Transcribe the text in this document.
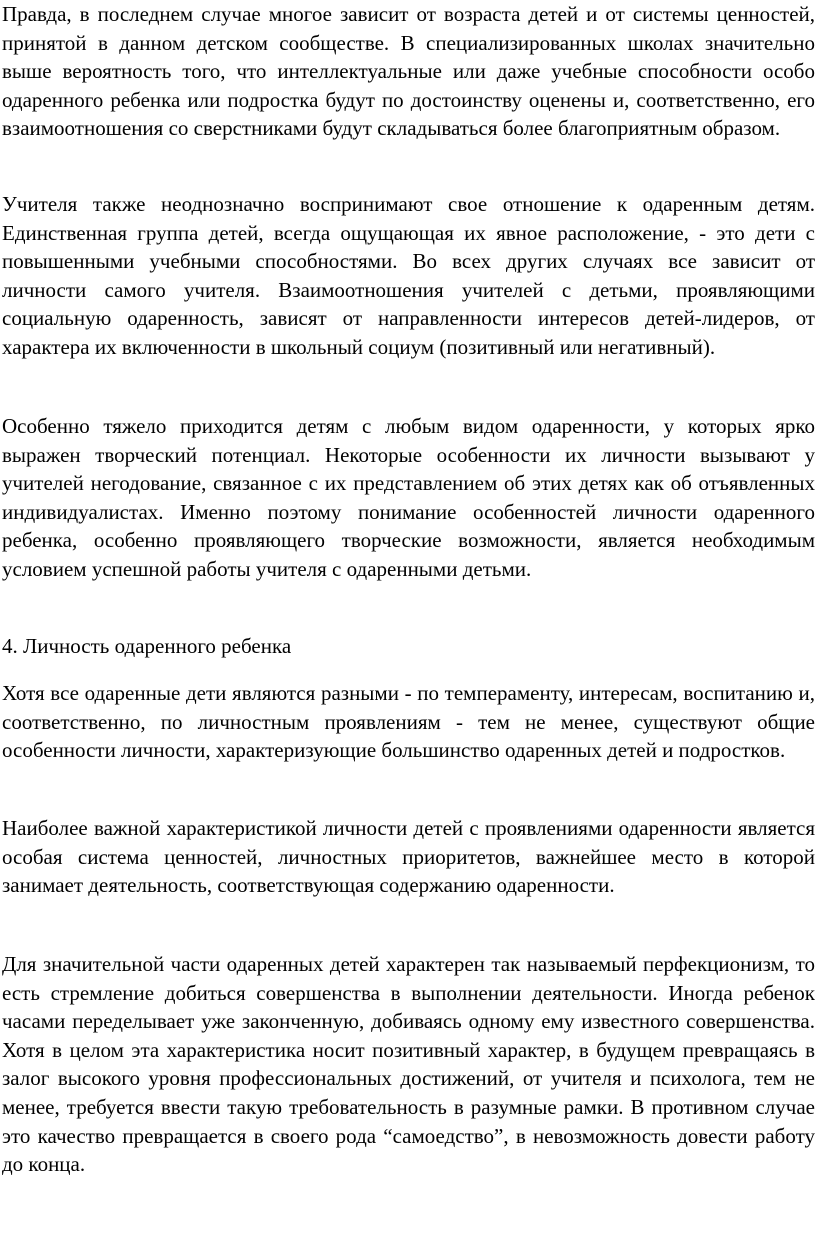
Правда, в последнем случае многое зависит от возраста детей и от системы ценностей, принятой в данном детском сообществе. В специализированных школах значительно выше вероятность того, что интеллектуальные или даже учебные способности особо одаренного ребенка или подростка будут по достоинству оценены и, соответственно, его взаимоотношения со сверстниками будут складываться более благоприятным образом.

Учителя также неоднозначно воспринимают свое отношение к одаренным детям. Единственная группа детей, всегда ощущающая их явное расположение, - это дети с повышенными учебными способностями. Во всех других случаях все зависит от личности самого учителя. Взаимоотношения учителей с детьми, проявляющими социальную одаренность, зависят от направленности интересов детей-лидеров, от характера их включенности в школьный социум (позитивный или негативный).

Особенно тяжело приходится детям с любым видом одаренности, у которых ярко выражен творческий потенциал. Некоторые особенности их личности вызывают у учителей негодование, связанное с их представлением об этих детях как об отъявленных индивидуалистах. Именно поэтому понимание особенностей личности одаренного ребенка, особенно проявляющего творческие возможности, является необходимым условием успешной работы учителя с одаренными детьми.

4. Личность одаренного ребенка

Хотя все одаренные дети являются разными - по темпераменту, интересам, воспитанию и, соответственно, по личностным проявлениям - тем не менее, существуют общие особенности личности, характеризующие большинство одаренных детей и подростков.

Наиболее важной характеристикой личности детей с проявлениями одаренности является особая система ценностей, личностных приоритетов, важнейшее место в которой занимает деятельность, соответствующая содержанию одаренности.

Для значительной части одаренных детей характерен так называемый перфекционизм, то есть стремление добиться совершенства в выполнении деятельности. Иногда ребенок часами переделывает уже законченную, добиваясь одному ему известного совершенства. Хотя в целом эта характеристика носит позитивный характер, в будущем превращаясь в залог высокого уровня профессиональных достижений, от учителя и психолога, тем не менее, требуется ввести такую требовательность в разумные рамки. В противном случае это качество превращается в своего рода “самоедство”, в невозможность довести работу до конца.
